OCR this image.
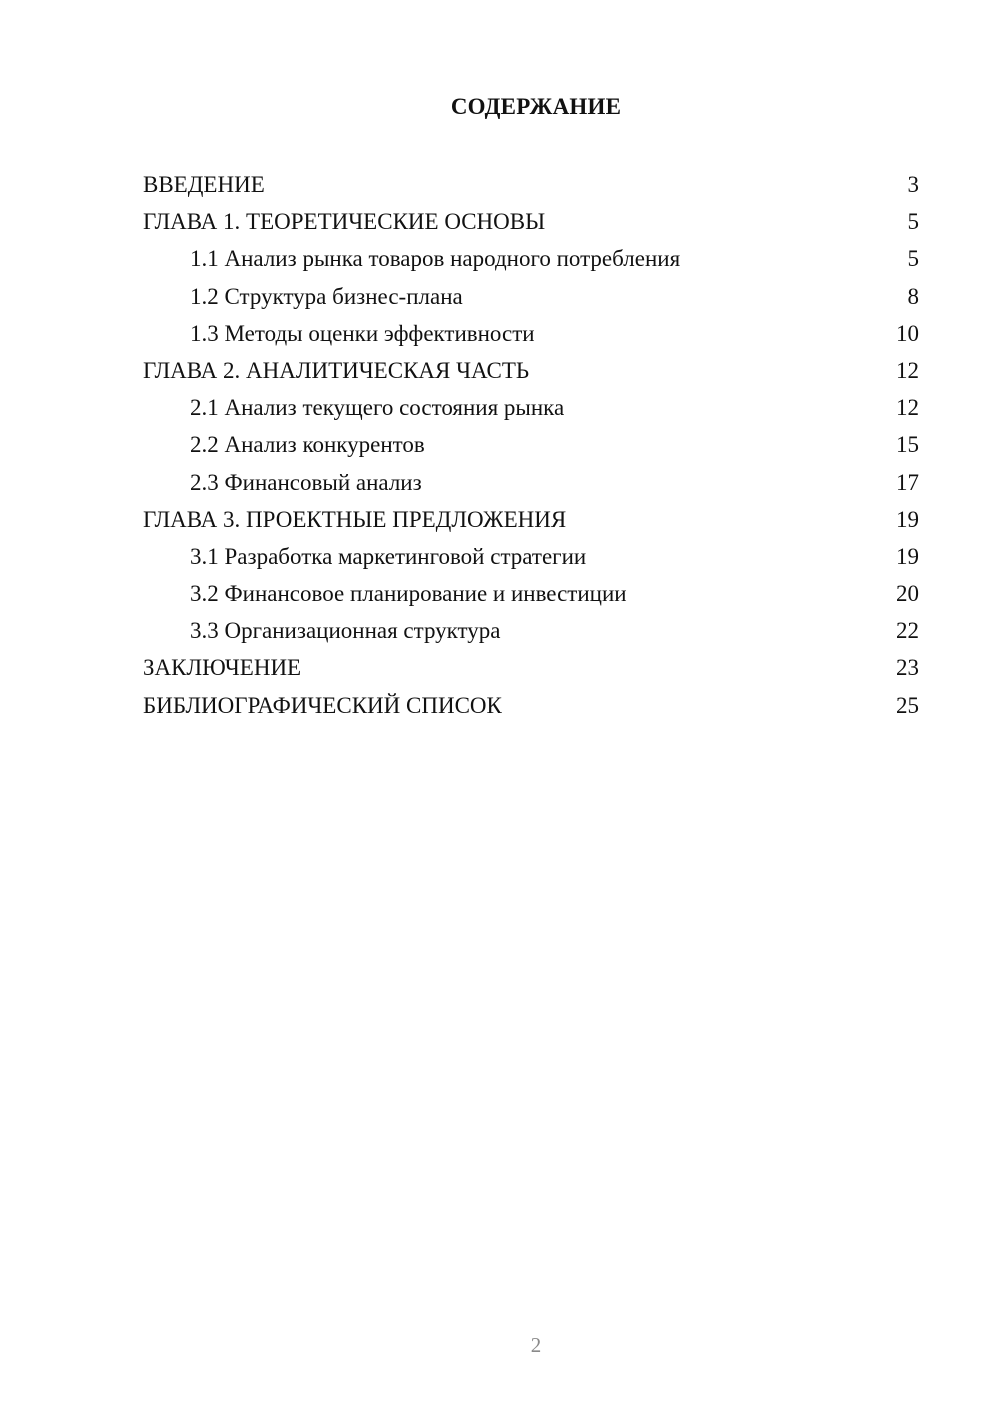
СОДЕРЖАНИЕ
ВВЕДЕНИЕ	3
ГЛАВА 1. ТЕОРЕТИЧЕСКИЕ ОСНОВЫ	5
1.1 Анализ рынка товаров народного потребления	5
1.2 Структура бизнес-плана	8
1.3 Методы оценки эффективности	10
ГЛАВА 2. АНАЛИТИЧЕСКАЯ ЧАСТЬ	12
2.1 Анализ текущего состояния рынка	12
2.2 Анализ конкурентов	15
2.3 Финансовый анализ	17
ГЛАВА 3. ПРОЕКТНЫЕ ПРЕДЛОЖЕНИЯ	19
3.1 Разработка маркетинговой стратегии	19
3.2 Финансовое планирование и инвестиции	20
3.3 Организационная структура	22
ЗАКЛЮЧЕНИЕ	23
БИБЛИОГРАФИЧЕСКИЙ СПИСОК	25
2
